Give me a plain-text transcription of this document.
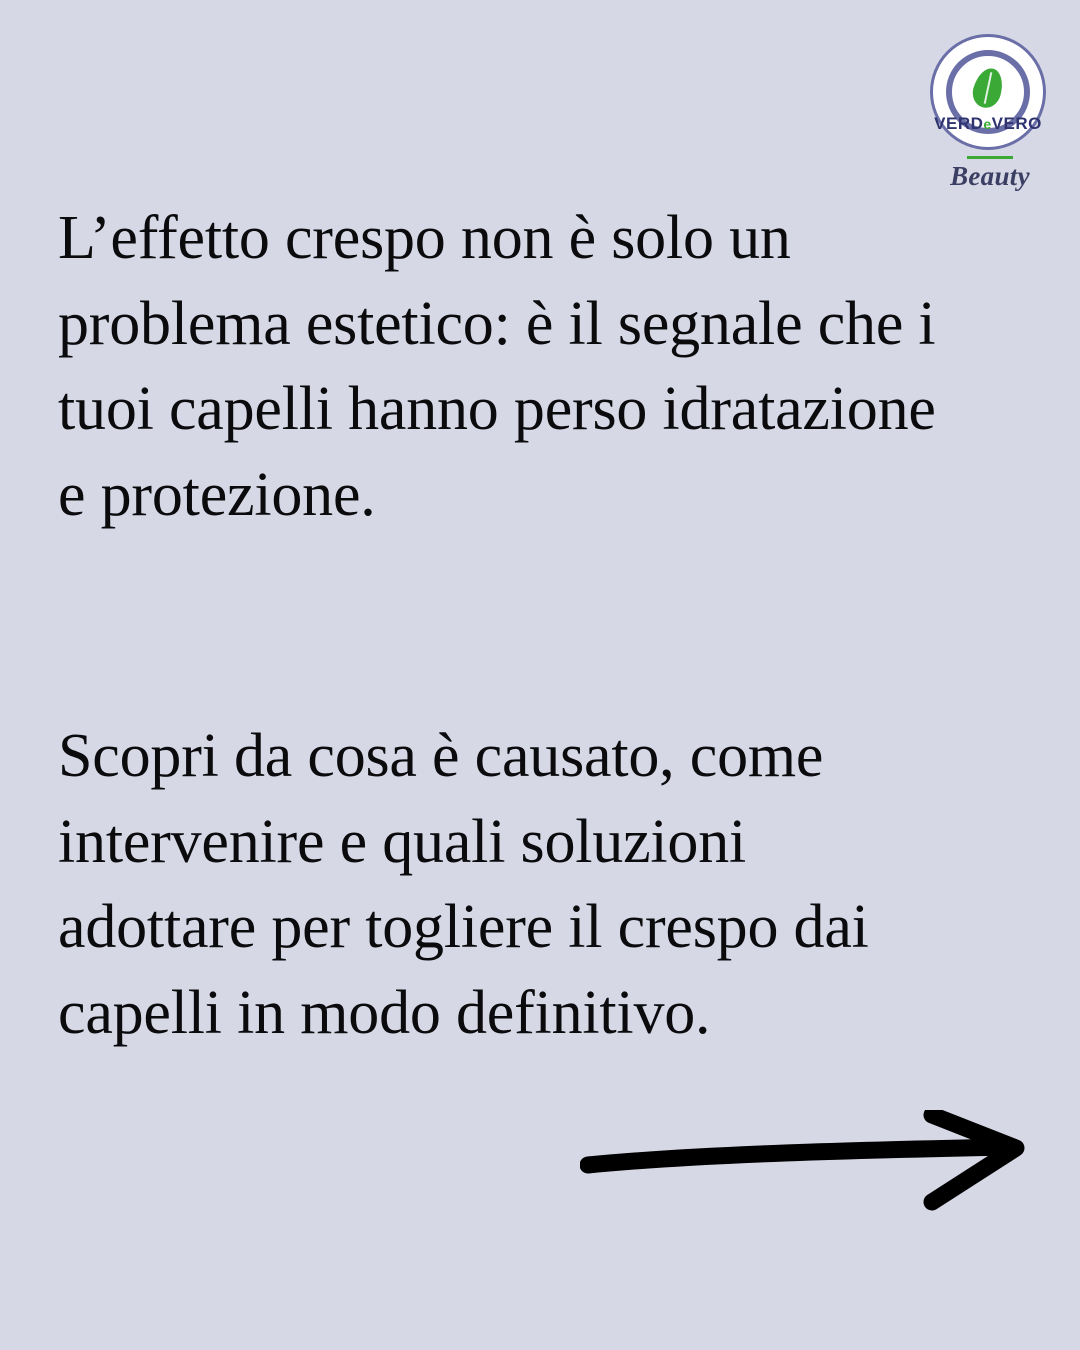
VERDeVERO
Beauty

L’effetto crespo non è solo un problema estetico: è il segnale che i tuoi capelli hanno perso idratazione e protezione.

Scopri da cosa è causato, come intervenire e quali soluzioni adottare per togliere il crespo dai capelli in modo definitivo.
